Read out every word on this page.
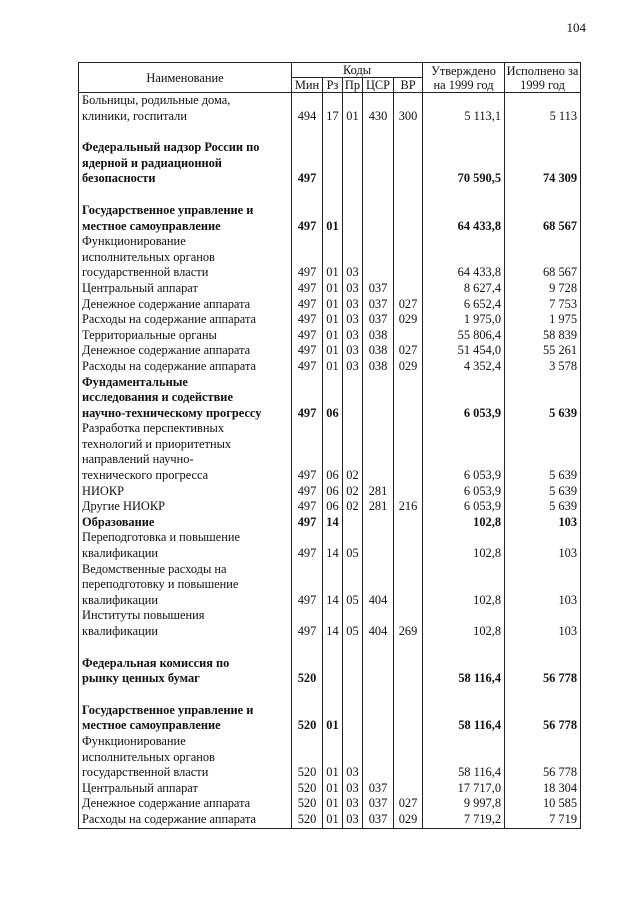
104
Наименование	Коды					Утверждено на 1999 год	Исполнено за 1999 год
	Мин	Рз	Пр	ЦСР	ВР		

Больницы, родильные дома,
клиники, госпитали	494	17	01	430	300	5 113,1	5 113

Федеральный надзор России по
ядерной и радиационной
безопасности	497					70 590,5	74 309

Государственное управление и
местное самоуправление	497	01				64 433,8	68 567

Функционирование
исполнительных органов
государственной власти	497	01	03			64 433,8	68 567

Центральный аппарат	497	01	03	037		8 627,4	9 728

Денежное содержание аппарата	497	01	03	037	027	6 652,4	7 753

Расходы на содержание аппарата	497	01	03	037	029	1 975,0	1 975

Территориальные органы	497	01	03	038		55 806,4	58 839

Денежное содержание аппарата	497	01	03	038	027	51 454,0	55 261

Расходы на содержание аппарата	497	01	03	038	029	4 352,4	3 578

Фундаментальные
исследования и содействие
научно-техническому прогрессу	497	06				6 053,9	5 639

Разработка перспективных
технологий и приоритетных
направлений научно-
технического прогресса	497	06	02			6 053,9	5 639

НИОКР	497	06	02	281		6 053,9	5 639

Другие НИОКР	497	06	02	281	216	6 053,9	5 639

Образование	497	14				102,8	103

Переподготовка и повышение
квалификации	497	14	05			102,8	103

Ведомственные расходы на
переподготовку и повышение
квалификации	497	14	05	404		102,8	103

Институты повышения
квалификации	497	14	05	404	269	102,8	103

Федеральная комиссия по
рынку ценных бумаг	520					58 116,4	56 778

Государственное управление и
местное самоуправление	520	01				58 116,4	56 778

Функционирование
исполнительных органов
государственной власти	520	01	03			58 116,4	56 778

Центральный аппарат	520	01	03	037		17 717,0	18 304

Денежное содержание аппарата	520	01	03	037	027	9 997,8	10 585

Расходы на содержание аппарата	520	01	03	037	029	7 719,2	7 719
